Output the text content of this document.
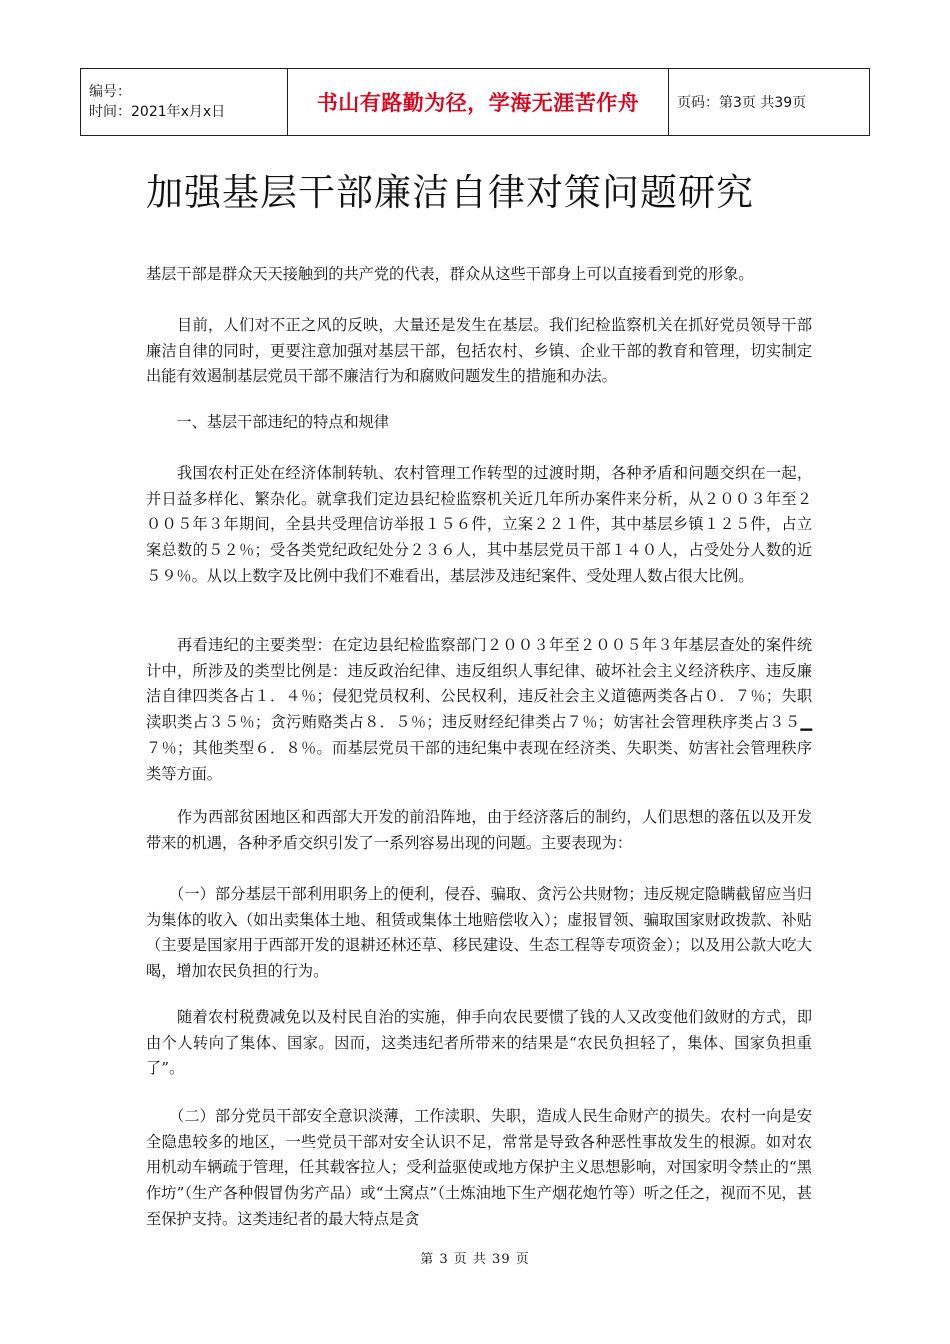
编号：
时间：2021年x月x日	书山有路勤为径，学海无涯苦作舟	页码：第3页 共39页
加强基层干部廉洁自律对策问题研究

基层干部是群众天天接触到的共产党的代表，群众从这些干部身上可以直接看到党的形象。

　　目前，人们对不正之风的反映，大量还是发生在基层。我们纪检监察机关在抓好党员领导干部廉洁自律的同时，更要注意加强对基层干部，包括农村、乡镇、企业干部的教育和管理，切实制定出能有效遏制基层党员干部不廉洁行为和腐败问题发生的措施和办法。

　　一、基层干部违纪的特点和规律

　　我国农村正处在经济体制转轨、农村管理工作转型的过渡时期，各种矛盾和问题交织在一起，并日益多样化、繁杂化。就拿我们定边县纪检监察机关近几年所办案件来分析，从２００３年至２００５年３年期间，全县共受理信访举报１５６件，立案２２１件，其中基层乡镇１２５件，占立案总数的５２％；受各类党纪政纪处分２３６人，其中基层党员干部１４０人，占受处分人数的近５９％。从以上数字及比例中我们不难看出，基层涉及违纪案件、受处理人数占很大比例。

　　再看违纪的主要类型：在定边县纪检监察部门２００３年至２００５年３年基层查处的案件统计中，所涉及的类型比例是：违反政治纪律、违反组织人事纪律、破坏社会主义经济秩序、违反廉洁自律四类各占１．４％；侵犯党员权利、公民权利，违反社会主义道德两类各占０．７％；失职渎职类占３５％；贪污贿赂类占８．５％；违反财经纪律类占７％；妨害社会管理秩序类占３５▁７％；其他类型６．８％。而基层党员干部的违纪集中表现在经济类、失职类、妨害社会管理秩序类等方面。

　　作为西部贫困地区和西部大开发的前沿阵地，由于经济落后的制约，人们思想的落伍以及开发带来的机遇，各种矛盾交织引发了一系列容易出现的问题。主要表现为：

　　（一）部分基层干部利用职务上的便利，侵吞、骗取、贪污公共财物；违反规定隐瞒截留应当归为集体的收入（如出卖集体土地、租赁或集体土地赔偿收入）；虚报冒领、骗取国家财政拨款、补贴（主要是国家用于西部开发的退耕还林还草、移民建设、生态工程等专项资金）；以及用公款大吃大喝，增加农民负担的行为。

　　随着农村税费减免以及村民自治的实施，伸手向农民要惯了钱的人又改变他们敛财的方式，即由个人转向了集体、国家。因而，这类违纪者所带来的结果是“农民负担轻了，集体、国家负担重了”。

　　（二）部分党员干部安全意识淡薄，工作渎职、失职，造成人民生命财产的损失。农村一向是安全隐患较多的地区，一些党员干部对安全认识不足，常常是导致各种恶性事故发生的根源。如对农用机动车辆疏于管理，任其载客拉人；受利益驱使或地方保护主义思想影响，对国家明令禁止的“黑作坊”（生产各种假冒伪劣产品）或“土窝点”（土炼油地下生产烟花炮竹等）听之任之，视而不见，甚至保护支持。这类违纪者的最大特点是贪

第 3 页 共 39 页
